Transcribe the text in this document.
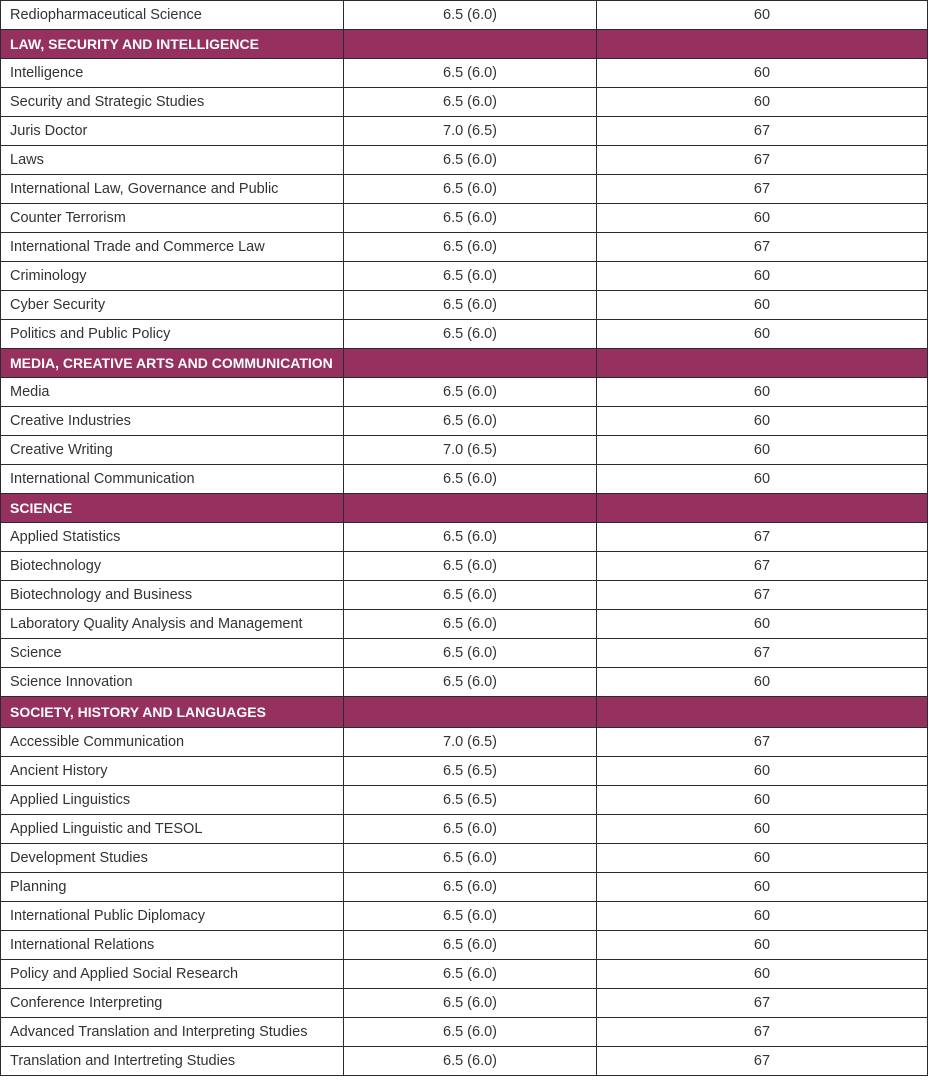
Rediopharmaceutical Science	6.5 (6.0)	60
LAW, SECURITY AND INTELLIGENCE		
Intelligence	6.5 (6.0)	60
Security and Strategic Studies	6.5 (6.0)	60
Juris Doctor	7.0 (6.5)	67
Laws	6.5 (6.0)	67
International Law, Governance and Public	6.5 (6.0)	67
Counter Terrorism	6.5 (6.0)	60
International Trade and Commerce Law	6.5 (6.0)	67
Criminology	6.5 (6.0)	60
Cyber Security	6.5 (6.0)	60
Politics and Public Policy	6.5 (6.0)	60
MEDIA, CREATIVE ARTS AND COMMUNICATION		
Media	6.5 (6.0)	60
Creative Industries	6.5 (6.0)	60
Creative Writing	7.0 (6.5)	60
International Communication	6.5 (6.0)	60
SCIENCE		
Applied Statistics	6.5 (6.0)	67
Biotechnology	6.5 (6.0)	67
Biotechnology and Business	6.5 (6.0)	67
Laboratory Quality Analysis and Management	6.5 (6.0)	60
Science	6.5 (6.0)	67
Science Innovation	6.5 (6.0)	60
SOCIETY, HISTORY AND LANGUAGES		
Accessible Communication	7.0 (6.5)	67
Ancient History	6.5 (6.5)	60
Applied Linguistics	6.5 (6.5)	60
Applied Linguistic and TESOL	6.5 (6.0)	60
Development Studies	6.5 (6.0)	60
Planning	6.5 (6.0)	60
International Public Diplomacy	6.5 (6.0)	60
International Relations	6.5 (6.0)	60
Policy and Applied Social Research	6.5 (6.0)	60
Conference Interpreting	6.5 (6.0)	67
Advanced Translation and Interpreting Studies	6.5 (6.0)	67
Translation and Intertreting Studies	6.5 (6.0)	67
